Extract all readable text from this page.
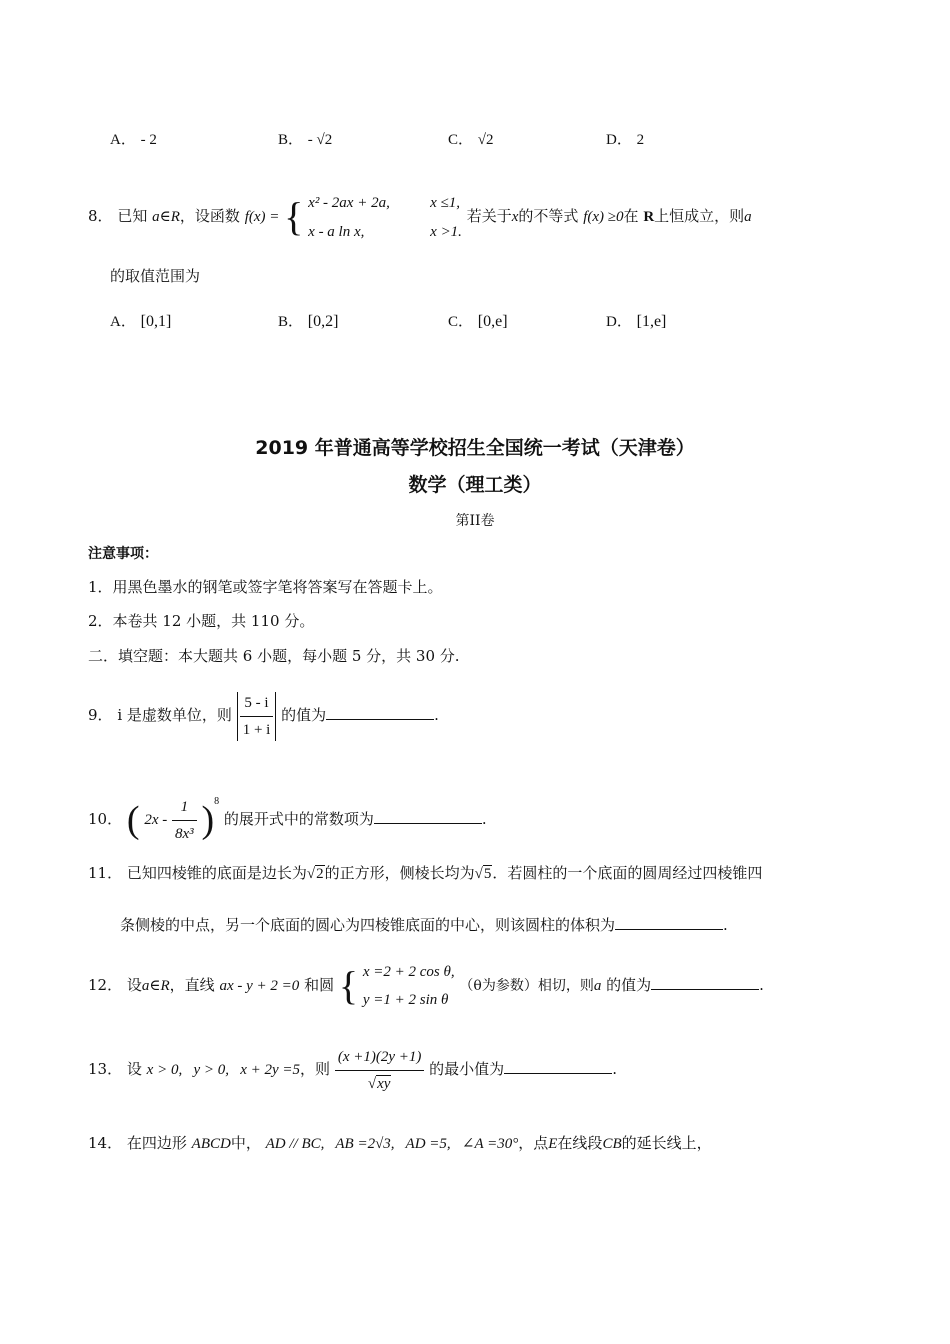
A． - 2	B． - √2	C． √2	D． 2
8． 已知 a∈R，设函数 f(x) = { x² - 2ax + 2a,	x ≤1,
x - a ln x,	x >1.
若关于x的不等式 f(x) ≥0在 R上恒成立，则a
的取值范围为
A． [0,1]	B． [0,2]	C． [0,e]	D． [1,e]
2019 年普通高等学校招生全国统一考试（天津卷）
数学（理工类）
第II卷
注意事项：
1．用黑色墨水的钢笔或签字笔将答案写在答题卡上。
2．本卷共 12 小题，共 110 分。
二．填空题：本大题共 6 小题，每小题 5 分，共 30 分.
9． i 是虚数单位，则 $\frac{5 - i}{1 + i}$ 的值为	.
10． ( $2x - \frac{1}{\text{8x³}} )^8$ 的展开式中的常数项为	.
11． 已知四棱锥的底面是边长为√2的正方形，侧棱长均为√5．若圆柱的一个底面的圆周经过四棱锥四
条侧棱的中点，另一个底面的圆心为四棱锥底面的中心，则该圆柱的体积为	.
12． 设a∈R，直线 ax - y + 2 =0 和圆 { x =2 + 2 cos θ,
y =1 + 2 sin θ
（θ为参数）相切，则a 的值为	.
13． 设 x > 0,   y > 0,   x + 2y =5，则 $\frac{(x +1)(2y +1)}{√xy}$ 的最小值为	.
14． 在四边形 ABCD中， AD // BC,   AB =2√3,   AD =5,   ∠A =30°，点E在线段CB的延长线上，
